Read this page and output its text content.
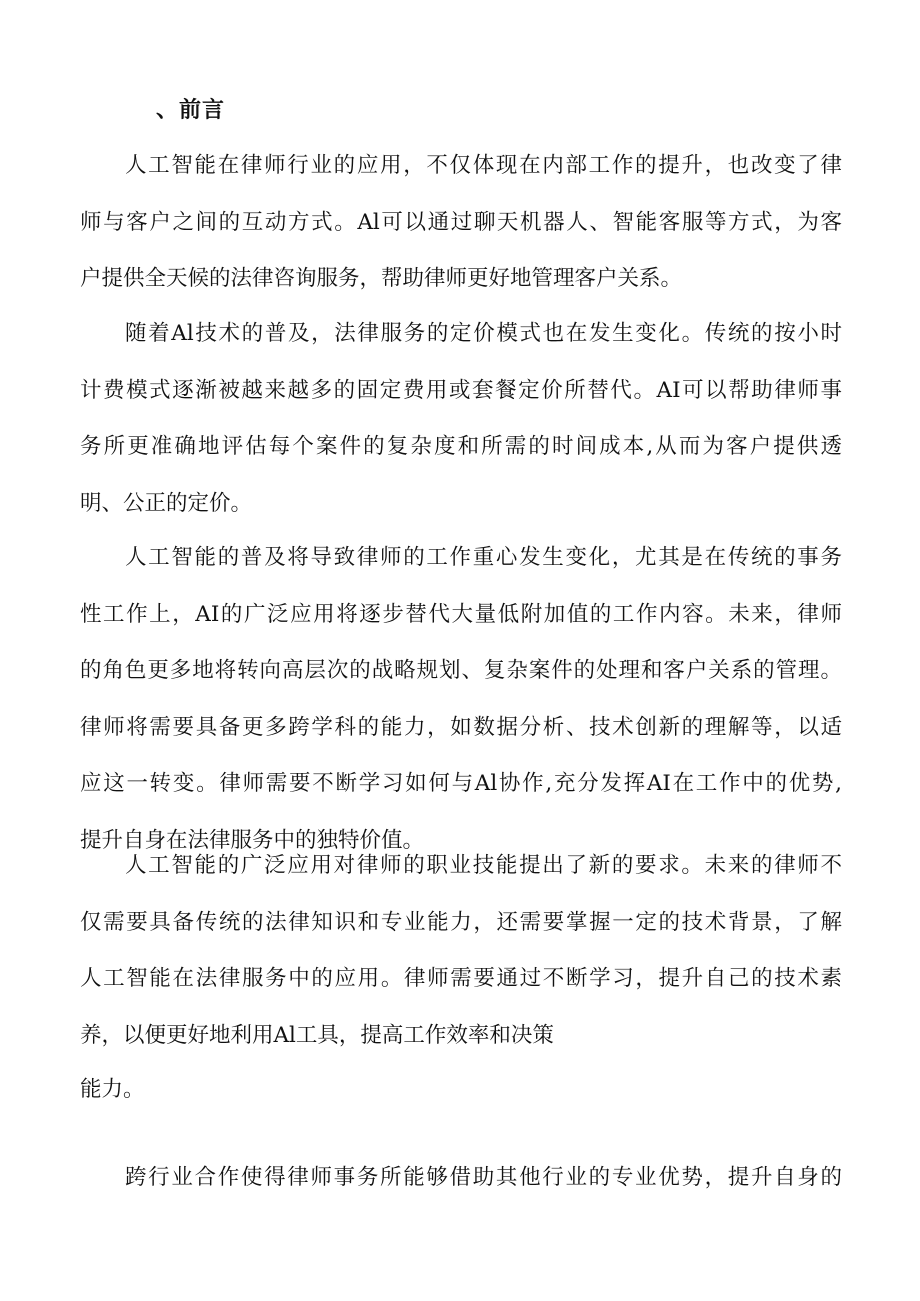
、前言
人工智能在律师行业的应用，不仅体现在内部工作的提升，也改变了律
师与客户之间的互动方式。Al可以通过聊天机器人、智能客服等方式，为客
户提供全天候的法律咨询服务，帮助律师更好地管理客户关系。
随着Al技术的普及，法律服务的定价模式也在发生变化。传统的按小时
计费模式逐渐被越来越多的固定费用或套餐定价所替代。AI可以帮助律师事
务所更准确地评估每个案件的复杂度和所需的时间成本,从而为客户提供透
明、公正的定价。
人工智能的普及将导致律师的工作重心发生变化，尤其是在传统的事务
性工作上，AI的广泛应用将逐步替代大量低附加值的工作内容。未来，律师
的角色更多地将转向高层次的战略规划、复杂案件的处理和客户关系的管理。
律师将需要具备更多跨学科的能力，如数据分析、技术创新的理解等，以适
应这一转变。律师需要不断学习如何与Al协作,充分发挥AI在工作中的优势,
提升自身在法律服务中的独特价值。
人工智能的广泛应用对律师的职业技能提出了新的要求。未来的律师不
仅需要具备传统的法律知识和专业能力，还需要掌握一定的技术背景，了解
人工智能在法律服务中的应用。律师需要通过不断学习，提升自己的技术素
养，以便更好地利用Al工具，提高工作效率和决策
能力。
跨行业合作使得律师事务所能够借助其他行业的专业优势，提升自身的
